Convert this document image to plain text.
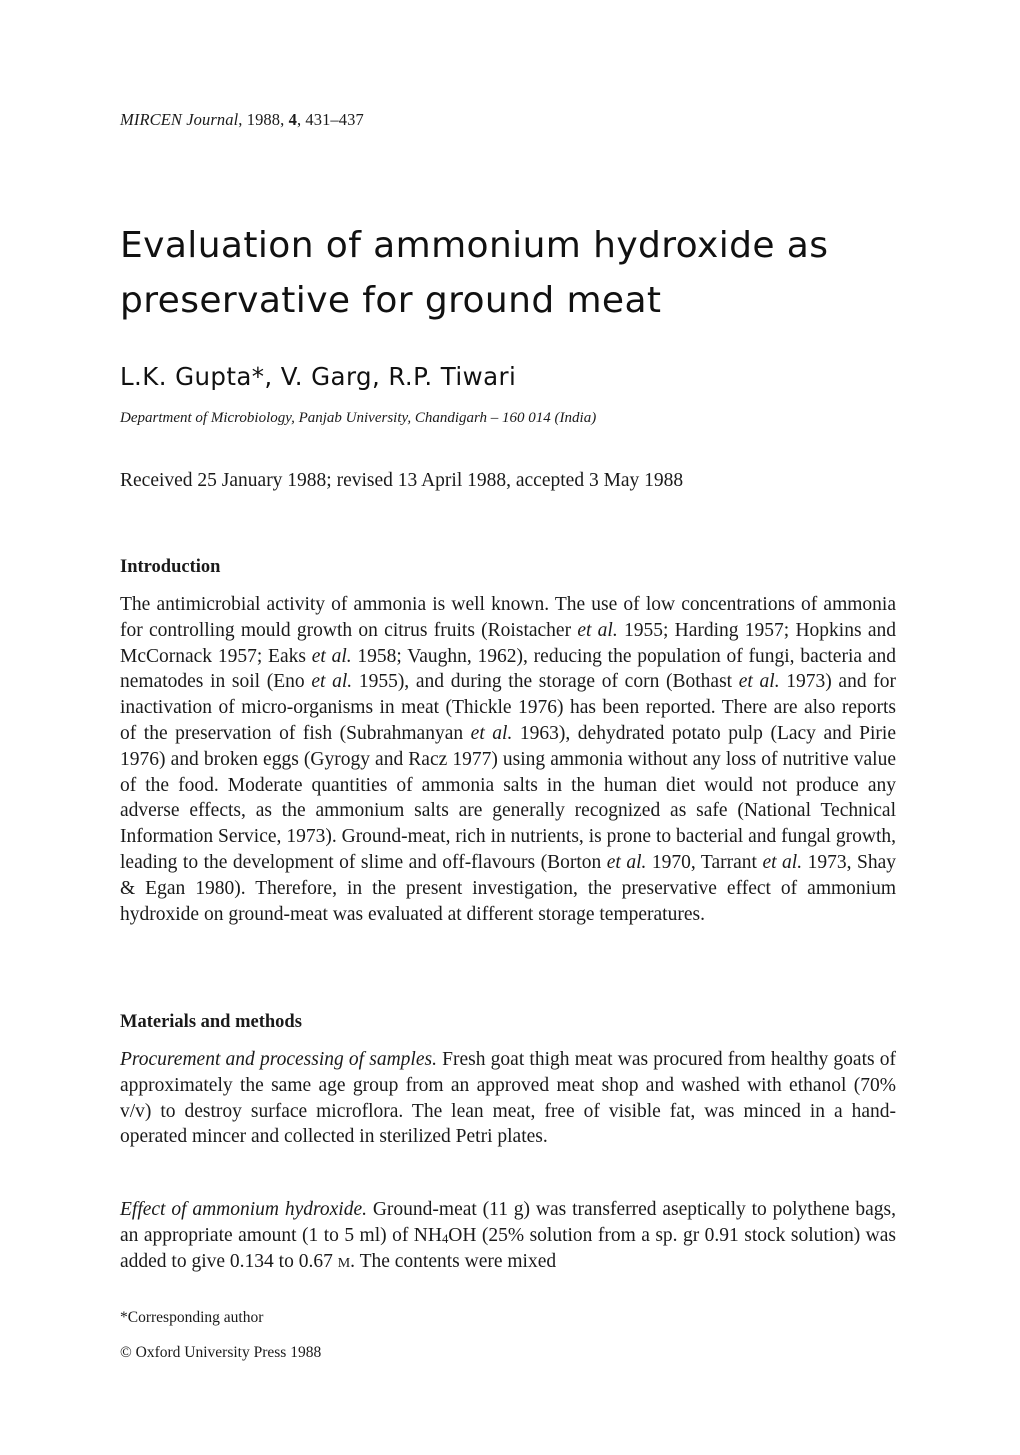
MIRCEN Journal, 1988, 4, 431–437
Evaluation of ammonium hydroxide as preservative for ground meat
L.K. Gupta*, V. Garg, R.P. Tiwari
Department of Microbiology, Panjab University, Chandigarh – 160 014 (India)
Received 25 January 1988; revised 13 April 1988, accepted 3 May 1988
Introduction

The antimicrobial activity of ammonia is well known. The use of low concentrations of ammonia for controlling mould growth on citrus fruits (Roistacher et al. 1955; Harding 1957; Hopkins and McCornack 1957; Eaks et al. 1958; Vaughn, 1962), reducing the population of fungi, bacteria and nematodes in soil (Eno et al. 1955), and during the storage of corn (Bothast et al. 1973) and for inactivation of micro-organisms in meat (Thickle 1976) has been reported. There are also reports of the preservation of fish (Subrahmanyan et al. 1963), dehydrated potato pulp (Lacy and Pirie 1976) and broken eggs (Gyrogy and Racz 1977) using ammonia without any loss of nutritive value of the food. Moderate quantities of ammonia salts in the human diet would not produce any adverse effects, as the ammonium salts are generally recognized as safe (National Technical Information Service, 1973). Ground-meat, rich in nutrients, is prone to bacterial and fungal growth, leading to the development of slime and off-flavours (Borton et al. 1970, Tarrant et al. 1973, Shay & Egan 1980). Therefore, in the present investigation, the preservative effect of ammonium hydroxide on ground-meat was evaluated at different storage temperatures.

Materials and methods

Procurement and processing of samples. Fresh goat thigh meat was procured from healthy goats of approximately the same age group from an approved meat shop and washed with ethanol (70% v/v) to destroy surface microflora. The lean meat, free of visible fat, was minced in a hand-operated mincer and collected in sterilized Petri plates.

Effect of ammonium hydroxide. Ground-meat (11 g) was transferred aseptically to polythene bags, an appropriate amount (1 to 5 ml) of $NH_4OH$ (25% solution from a sp. gr 0.91 stock solution) was added to give 0.134 to 0.67 m. The contents were mixed

*Corresponding author
© Oxford University Press 1988
